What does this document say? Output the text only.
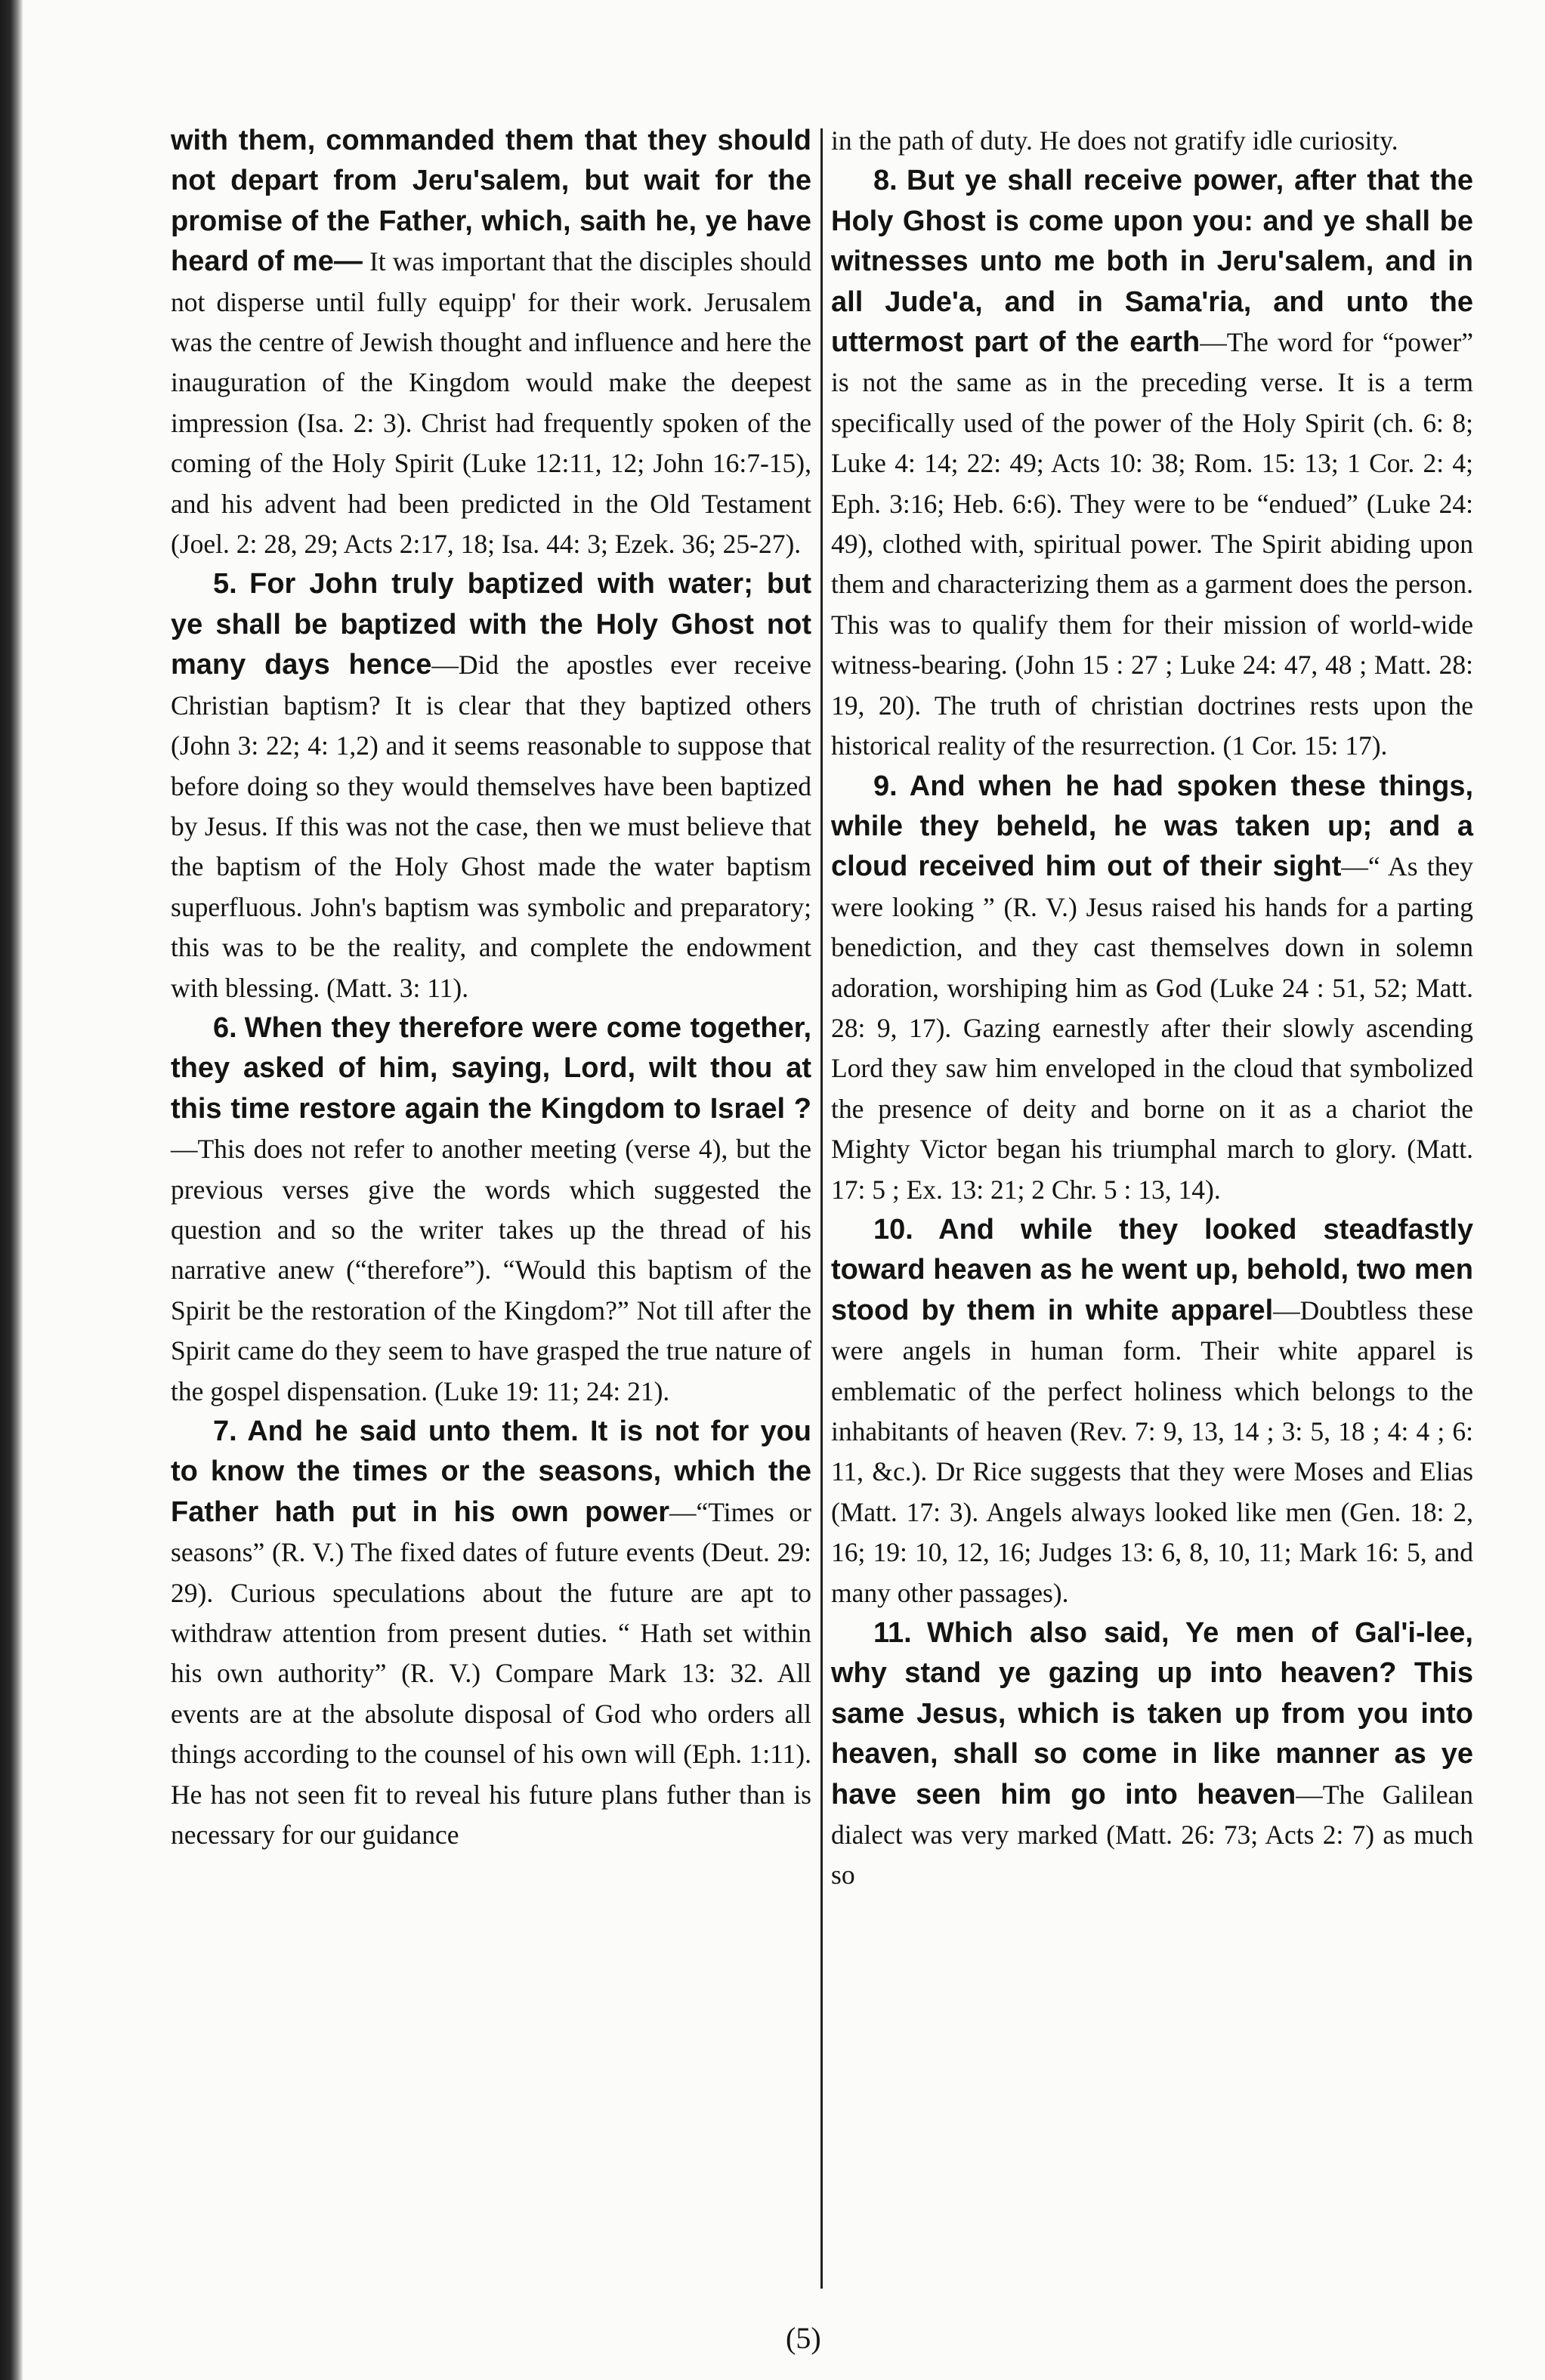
with them, commanded them that they should not depart from Jeru'salem, but wait for the promise of the Father, which, saith he, ye have heard of me— It was important that the disciples should not disperse until fully equipp' for their work. Jerusalem was the centre of Jewish thought and influence and here the inauguration of the Kingdom would make the deepest impression (Isa. 2: 3). Christ had frequently spoken of the coming of the Holy Spirit (Luke 12:11, 12; John 16:7-15), and his advent had been predicted in the Old Testament (Joel. 2: 28, 29; Acts 2:17, 18; Isa. 44: 3; Ezek. 36; 25-27).

5. For John truly baptized with water; but ye shall be baptized with the Holy Ghost not many days hence—Did the apostles ever receive Christian baptism? It is clear that they baptized others (John 3: 22; 4: 1,2) and it seems reasonable to suppose that before doing so they would themselves have been baptized by Jesus. If this was not the case, then we must believe that the baptism of the Holy Ghost made the water baptism superfluous. John's baptism was symbolic and preparatory; this was to be the reality, and complete the endowment with blessing. (Matt. 3: 11).

6. When they therefore were come together, they asked of him, saying, Lord, wilt thou at this time restore again the Kingdom to Israel ?—This does not refer to another meeting (verse 4), but the previous verses give the words which suggested the question and so the writer takes up the thread of his narrative anew (“therefore”). “Would this baptism of the Spirit be the restoration of the Kingdom?” Not till after the Spirit came do they seem to have grasped the true nature of the gospel dispensation. (Luke 19: 11; 24: 21).

7. And he said unto them. It is not for you to know the times or the seasons, which the Father hath put in his own power—“Times or seasons” (R. V.) The fixed dates of future events (Deut. 29: 29). Curious speculations about the future are apt to withdraw attention from present duties. “ Hath set within his own authority” (R. V.) Compare Mark 13: 32. All events are at the absolute disposal of God who orders all things according to the counsel of his own will (Eph. 1:11). He has not seen fit to reveal his future plans futher than is necessary for our guidance

in the path of duty. He does not gratify idle curiosity.

8. But ye shall receive power, after that the Holy Ghost is come upon you: and ye shall be witnesses unto me both in Jeru'salem, and in all Jude'a, and in Sama'ria, and unto the uttermost part of the earth—The word for “power” is not the same as in the preceding verse. It is a term specifically used of the power of the Holy Spirit (ch. 6: 8; Luke 4: 14; 22: 49; Acts 10: 38; Rom. 15: 13; 1 Cor. 2: 4; Eph. 3:16; Heb. 6:6). They were to be “endued” (Luke 24: 49), clothed with, spiritual power. The Spirit abiding upon them and characterizing them as a garment does the person. This was to qualify them for their mission of world-wide witness-bearing. (John 15 : 27 ; Luke 24: 47, 48 ; Matt. 28: 19, 20). The truth of christian doctrines rests upon the historical reality of the resurrection. (1 Cor. 15: 17).

9. And when he had spoken these things, while they beheld, he was taken up; and a cloud received him out of their sight—“ As they were looking ” (R. V.) Jesus raised his hands for a parting benediction, and they cast themselves down in solemn adoration, worshiping him as God (Luke 24 : 51, 52; Matt. 28: 9, 17). Gazing earnestly after their slowly ascending Lord they saw him enveloped in the cloud that symbolized the presence of deity and borne on it as a chariot the Mighty Victor began his triumphal march to glory. (Matt. 17: 5 ; Ex. 13: 21; 2 Chr. 5 : 13, 14).

10. And while they looked steadfastly toward heaven as he went up, behold, two men stood by them in white apparel—Doubtless these were angels in human form. Their white apparel is emblematic of the perfect holiness which belongs to the inhabitants of heaven (Rev. 7: 9, 13, 14 ; 3: 5, 18 ; 4: 4 ; 6: 11, &c.). Dr Rice suggests that they were Moses and Elias (Matt. 17: 3). Angels always looked like men (Gen. 18: 2, 16; 19: 10, 12, 16; Judges 13: 6, 8, 10, 11; Mark 16: 5, and many other passages).

11. Which also said, Ye men of Gal'i-lee, why stand ye gazing up into heaven? This same Jesus, which is taken up from you into heaven, shall so come in like manner as ye have seen him go into heaven—The Galilean dialect was very marked (Matt. 26: 73; Acts 2: 7) as much so

(5)
